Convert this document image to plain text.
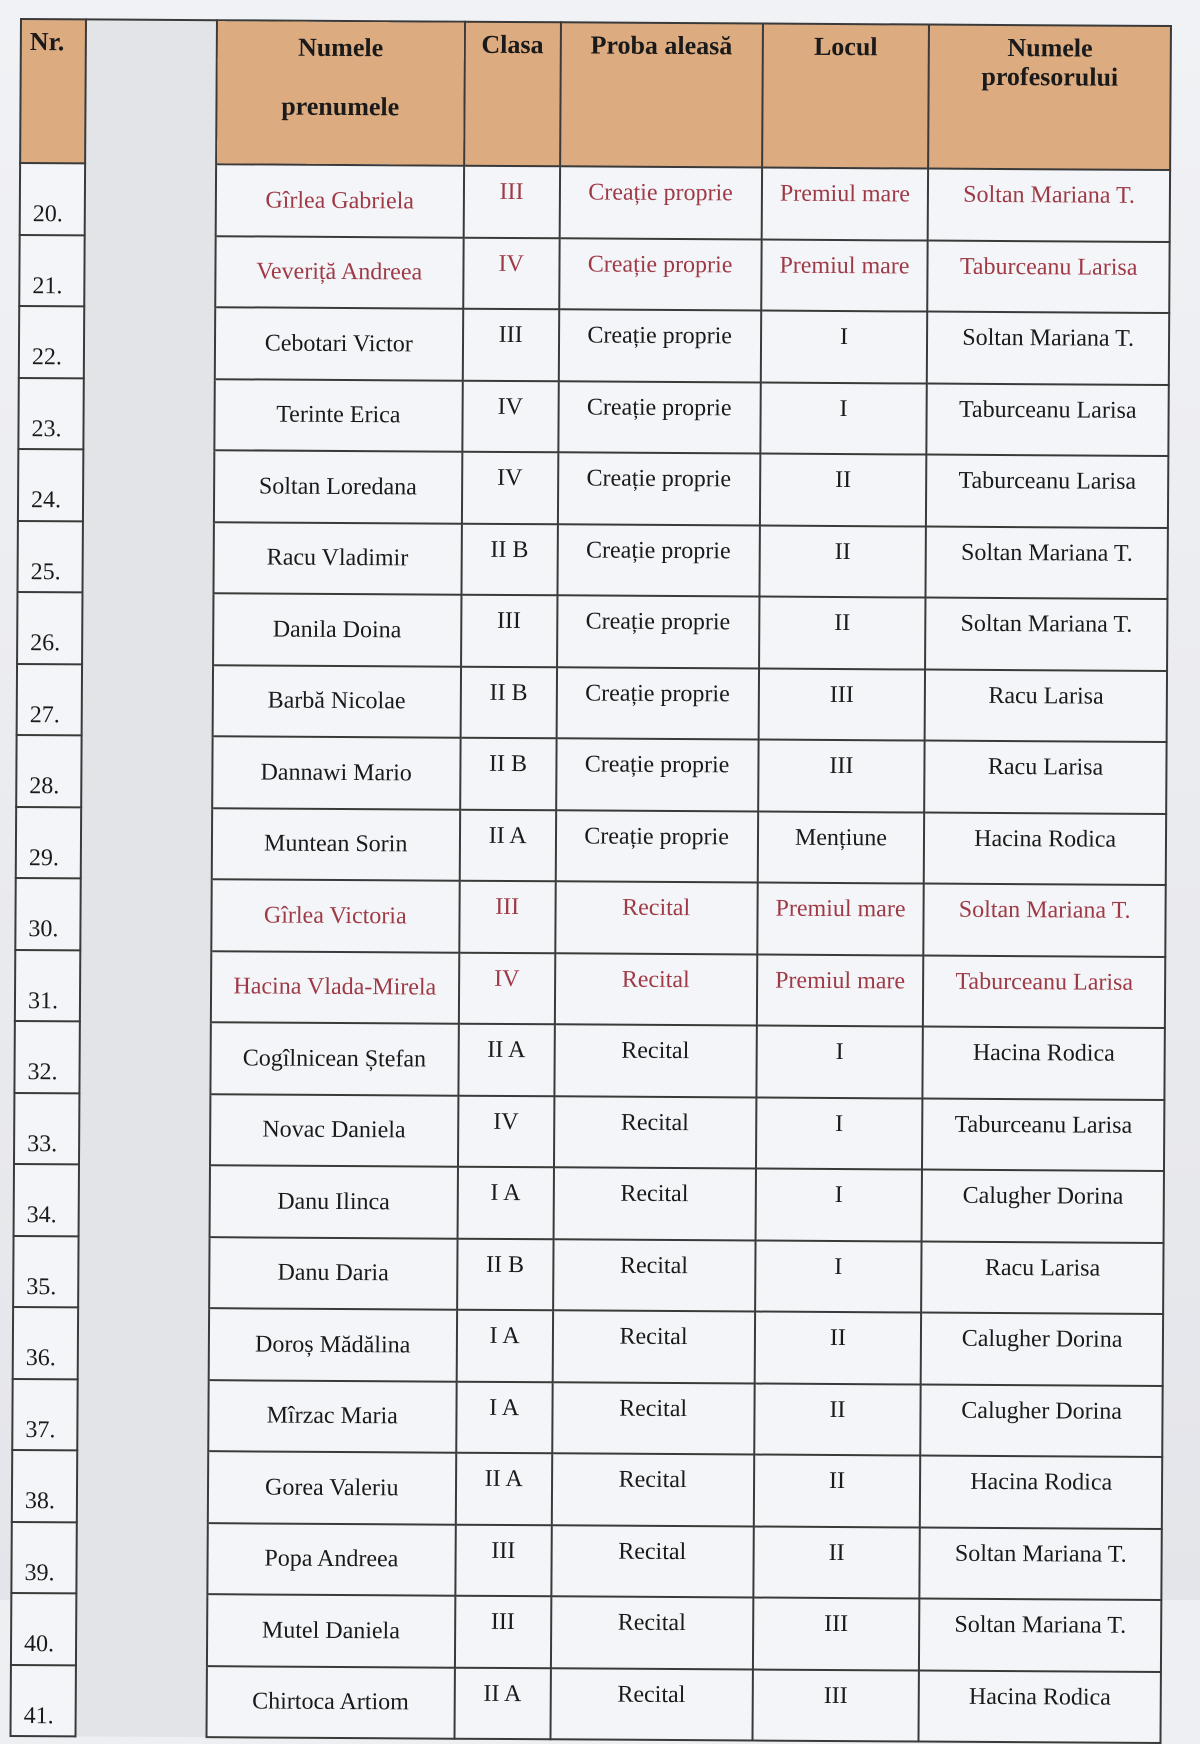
Nr.		Numele
prenumele	Clasa	Proba aleasă	Locul	Numele profesorului
20.		Gîrlea Gabriela	III	Creație proprie	Premiul mare	Soltan Mariana T.
21.		Veveriță Andreea	IV	Creație proprie	Premiul mare	Taburceanu Larisa
22.		Cebotari Victor	III	Creație proprie	I	Soltan Mariana T.
23.		Terinte Erica	IV	Creație proprie	I	Taburceanu Larisa
24.		Soltan Loredana	IV	Creație proprie	II	Taburceanu Larisa
25.		Racu Vladimir	II B	Creație proprie	II	Soltan Mariana T.
26.		Danila Doina	III	Creație proprie	II	Soltan Mariana T.
27.		Barbă Nicolae	II B	Creație proprie	III	Racu Larisa
28.		Dannawi Mario	II B	Creație proprie	III	Racu Larisa
29.		Muntean Sorin	II A	Creație proprie	Mențiune	Hacina Rodica
30.		Gîrlea Victoria	III	Recital	Premiul mare	Soltan Mariana T.
31.		Hacina Vlada-Mirela	IV	Recital	Premiul mare	Taburceanu Larisa
32.		Cogîlnicean Ștefan	II A	Recital	I	Hacina Rodica
33.		Novac Daniela	IV	Recital	I	Taburceanu Larisa
34.		Danu Ilinca	I A	Recital	I	Calugher Dorina
35.		Danu Daria	II B	Recital	I	Racu Larisa
36.		Doroș Mădălina	I A	Recital	II	Calugher Dorina
37.		Mîrzac Maria	I A	Recital	II	Calugher Dorina
38.		Gorea Valeriu	II A	Recital	II	Hacina Rodica
39.		Popa Andreea	III	Recital	II	Soltan Mariana T.
40.		Mutel Daniela	III	Recital	III	Soltan Mariana T.
41.		Chirtoca Artiom	II A	Recital	III	Hacina Rodica
